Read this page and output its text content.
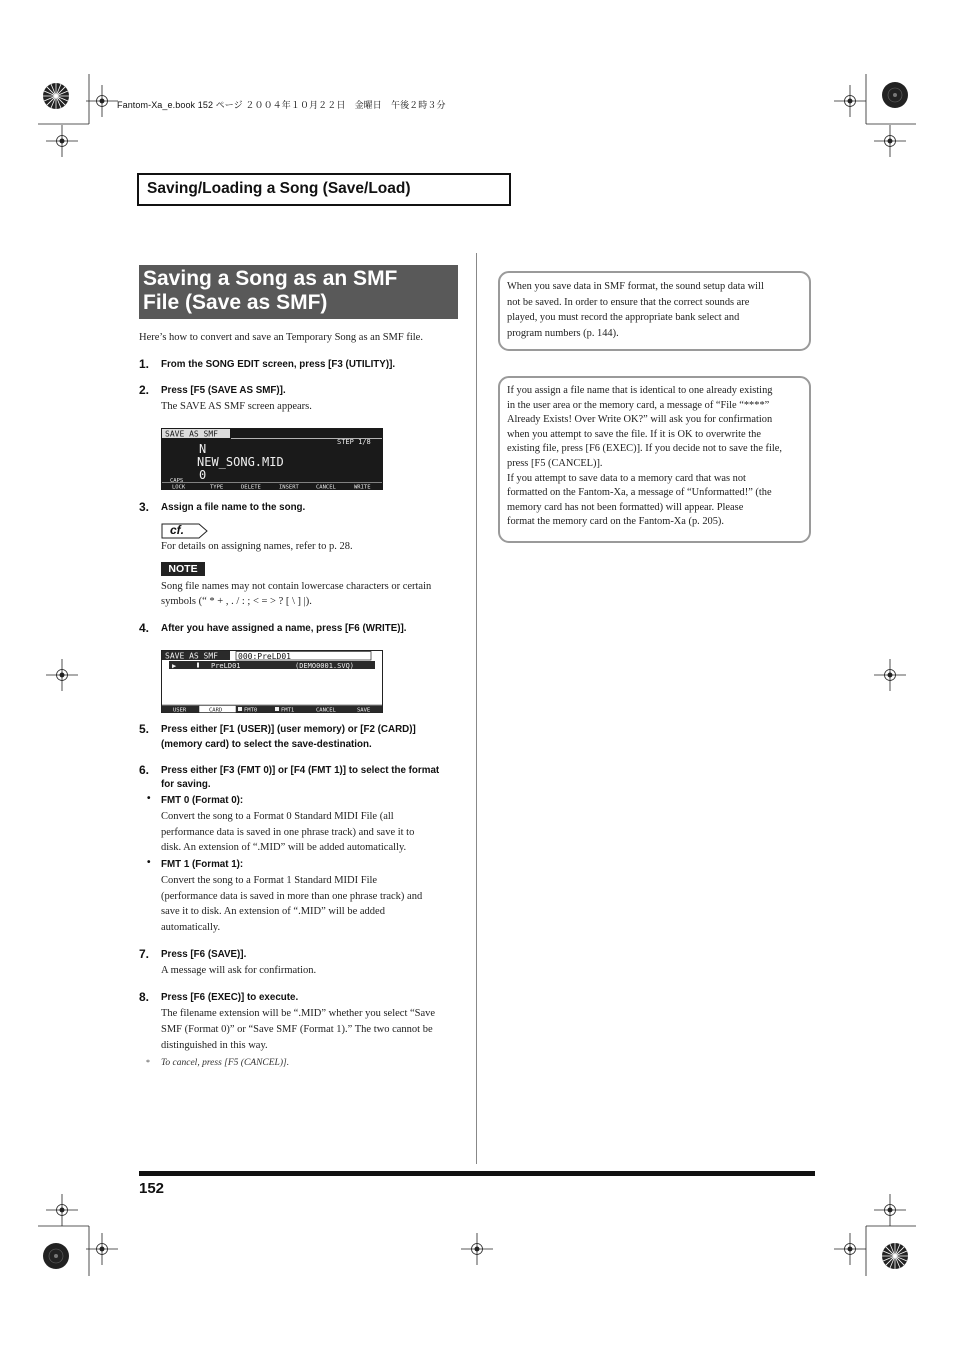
Fantom-Xa_e.book 152 ページ ２００４年１０月２２日　金曜日　午後２時３分
Saving/Loading a Song (Save/Load)
Saving a Song as an SMF
File (Save as SMF)
Here’s how to convert and save an Temporary Song as an SMF file.
1. From the SONG EDIT screen, press [F3 (UTILITY)].
2. Press [F5 (SAVE AS SMF)].
The SAVE AS SMF screen appears.
SAVE AS SMF
STEP 1/8
N
NEW_SONG.MID
0
CAPS
LOCK	TYPE	DELETE	INSERT	CANCEL	WRITE
3. Assign a file name to the song.
cf.
For details on assigning names, refer to p. 28.
NOTE
Song file names may not contain lowercase characters or certain
symbols (“ * + , . / : ; < = > ? [ \ ] |).
4. After you have assigned a name, press [F6 (WRITE)].
SAVE AS SMF	000:PreLD01
▶	PreLD01	(DEMO0001.SVQ)
USER	CARD	FMT0	FMT1	CANCEL	SAVE
5. Press either [F1 (USER)] (user memory) or [F2 (CARD)]
(memory card) to select the save-destination.
6. Press either [F3 (FMT 0)] or [F4 (FMT 1)] to select the format
for saving.
• FMT 0 (Format 0):
Convert the song to a Format 0 Standard MIDI File (all
performance data is saved in one phrase track) and save it to
disk. An extension of “.MID” will be added automatically.
• FMT 1 (Format 1):
Convert the song to a Format 1 Standard MIDI File
(performance data is saved in more than one phrase track) and
save it to disk. An extension of “.MID” will be added
automatically.
7. Press [F6 (SAVE)].
A message will ask for confirmation.
8. Press [F6 (EXEC)] to execute.
The filename extension will be “.MID” whether you select “Save
SMF (Format 0)” or “Save SMF (Format 1).” The two cannot be
distinguished in this way.
* To cancel, press [F5 (CANCEL)].
When you save data in SMF format, the sound setup data will
not be saved. In order to ensure that the correct sounds are
played, you must record the appropriate bank select and
program numbers (p. 144).
If you assign a file name that is identical to one already existing
in the user area or the memory card, a message of “File “****”
Already Exists! Over Write OK?” will ask you for confirmation
when you attempt to save the file. If it is OK to overwrite the
existing file, press [F6 (EXEC)]. If you decide not to save the file,
press [F5 (CANCEL)].
If you attempt to save data to a memory card that was not
formatted on the Fantom-Xa, a message of “Unformatted!” (the
memory card has not been formatted) will appear. Please
format the memory card on the Fantom-Xa (p. 205).
152
